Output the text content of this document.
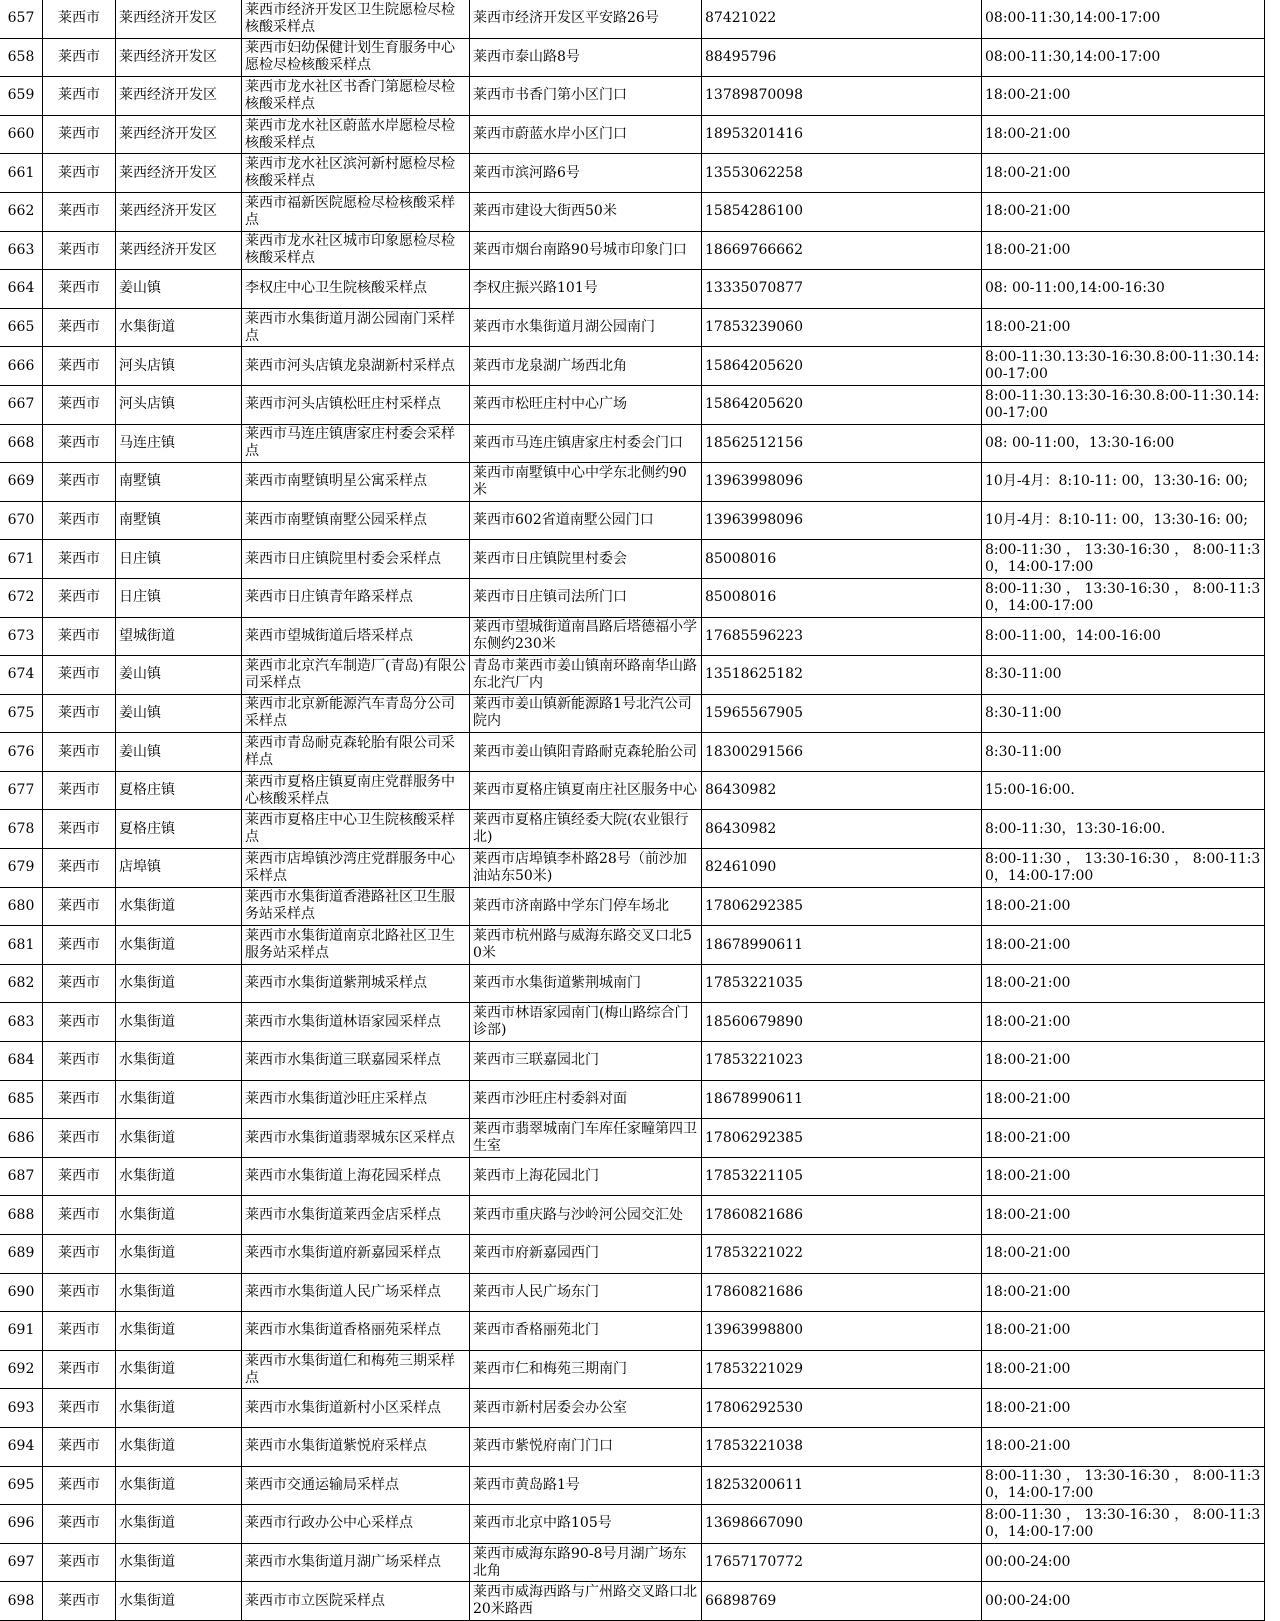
657	莱西市	莱西经济开发区	莱西市经济开发区卫生院愿检尽检核酸采样点	莱西市经济开发区平安路26号	87421022	08:00-11:30,14:00-17:00
658	莱西市	莱西经济开发区	莱西市妇幼保健计划生育服务中心愿检尽检核酸采样点	莱西市泰山路8号	88495796	08:00-11:30,14:00-17:00
659	莱西市	莱西经济开发区	莱西市龙水社区书香门第愿检尽检核酸采样点	莱西市书香门第小区门口	13789870098	18:00-21:00
660	莱西市	莱西经济开发区	莱西市龙水社区蔚蓝水岸愿检尽检核酸采样点	莱西市蔚蓝水岸小区门口	18953201416	18:00-21:00
661	莱西市	莱西经济开发区	莱西市龙水社区滨河新村愿检尽检核酸采样点	莱西市滨河路6号	13553062258	18:00-21:00
662	莱西市	莱西经济开发区	莱西市福新医院愿检尽检核酸采样点	莱西市建设大街西50米	15854286100	18:00-21:00
663	莱西市	莱西经济开发区	莱西市龙水社区城市印象愿检尽检核酸采样点	莱西市烟台南路90号城市印象门口	18669766662	18:00-21:00
664	莱西市	姜山镇	李权庄中心卫生院核酸采样点	李权庄振兴路101号	13335070877	08: 00-11:00,14:00-16:30
665	莱西市	水集街道	莱西市水集街道月湖公园南门采样点	莱西市水集街道月湖公园南门	17853239060	18:00-21:00
666	莱西市	河头店镇	莱西市河头店镇龙泉湖新村采样点	莱西市龙泉湖广场西北角	15864205620	8:00-11:30.13:30-16:30.8:00-11:30.14:00-17:00
667	莱西市	河头店镇	莱西市河头店镇松旺庄村采样点	莱西市松旺庄村中心广场	15864205620	8:00-11:30.13:30-16:30.8:00-11:30.14:00-17:00
668	莱西市	马连庄镇	莱西市马连庄镇唐家庄村委会采样点	莱西市马连庄镇唐家庄村委会门口	18562512156	08: 00-11:00，13:30-16:00
669	莱西市	南墅镇	莱西市南墅镇明星公寓采样点	莱西市南墅镇中心中学东北侧约90米	13963998096	10月-4月：8:10-11: 00，13:30-16: 00;
670	莱西市	南墅镇	莱西市南墅镇南墅公园采样点	莱西市602省道南墅公园门口	13963998096	10月-4月：8:10-11: 00，13:30-16: 00;
671	莱西市	日庄镇	莱西市日庄镇院里村委会采样点	莱西市日庄镇院里村委会	85008016	8:00-11:30 ， 13:30-16:30 ， 8:00-11:30，14:00-17:00
672	莱西市	日庄镇	莱西市日庄镇青年路采样点	莱西市日庄镇司法所门口	85008016	8:00-11:30 ， 13:30-16:30 ， 8:00-11:30，14:00-17:00
673	莱西市	望城街道	莱西市望城街道后塔采样点	莱西市望城街道南昌路后塔德福小学东侧约230米	17685596223	8:00-11:00，14:00-16:00
674	莱西市	姜山镇	莱西市北京汽车制造厂(青岛)有限公司采样点	青岛市莱西市姜山镇南环路南华山路东北汽厂内	13518625182	8:30-11:00
675	莱西市	姜山镇	莱西市北京新能源汽车青岛分公司采样点	莱西市姜山镇新能源路1号北汽公司院内	15965567905	8:30-11:00
676	莱西市	姜山镇	莱西市青岛耐克森轮胎有限公司采样点	莱西市姜山镇阳青路耐克森轮胎公司	18300291566	8:30-11:00
677	莱西市	夏格庄镇	莱西市夏格庄镇夏南庄党群服务中心核酸采样点	莱西市夏格庄镇夏南庄社区服务中心	86430982	15:00-16:00.
678	莱西市	夏格庄镇	莱西市夏格庄中心卫生院核酸采样点	莱西市夏格庄镇经委大院(农业银行北)	86430982	8:00-11:30，13:30-16:00.
679	莱西市	店埠镇	莱西市店埠镇沙湾庄党群服务中心采样点	莱西市店埠镇李朴路28号（前沙加油站东50米)	82461090	8:00-11:30 ， 13:30-16:30 ， 8:00-11:30，14:00-17:00
680	莱西市	水集街道	莱西市水集街道香港路社区卫生服务站采样点	莱西市济南路中学东门停车场北	17806292385	18:00-21:00
681	莱西市	水集街道	莱西市水集街道南京北路社区卫生服务站采样点	莱西市杭州路与威海东路交叉口北50米	18678990611	18:00-21:00
682	莱西市	水集街道	莱西市水集街道紫荆城采样点	莱西市水集街道紫荆城南门	17853221035	18:00-21:00
683	莱西市	水集街道	莱西市水集街道林语家园采样点	莱西市林语家园南门(梅山路综合门诊部)	18560679890	18:00-21:00
684	莱西市	水集街道	莱西市水集街道三联嘉园采样点	莱西市三联嘉园北门	17853221023	18:00-21:00
685	莱西市	水集街道	莱西市水集街道沙旺庄采样点	莱西市沙旺庄村委斜对面	18678990611	18:00-21:00
686	莱西市	水集街道	莱西市水集街道翡翠城东区采样点	莱西市翡翠城南门车库任家疃第四卫生室	17806292385	18:00-21:00
687	莱西市	水集街道	莱西市水集街道上海花园采样点	莱西市上海花园北门	17853221105	18:00-21:00
688	莱西市	水集街道	莱西市水集街道莱西金店采样点	莱西市重庆路与沙岭河公园交汇处	17860821686	18:00-21:00
689	莱西市	水集街道	莱西市水集街道府新嘉园采样点	莱西市府新嘉园西门	17853221022	18:00-21:00
690	莱西市	水集街道	莱西市水集街道人民广场采样点	莱西市人民广场东门	17860821686	18:00-21:00
691	莱西市	水集街道	莱西市水集街道香格丽苑采样点	莱西市香格丽苑北门	13963998800	18:00-21:00
692	莱西市	水集街道	莱西市水集街道仁和梅苑三期采样点	莱西市仁和梅苑三期南门	17853221029	18:00-21:00
693	莱西市	水集街道	莱西市水集街道新村小区采样点	莱西市新村居委会办公室	17806292530	18:00-21:00
694	莱西市	水集街道	莱西市水集街道紫悦府采样点	莱西市紫悦府南门门口	17853221038	18:00-21:00
695	莱西市	水集街道	莱西市交通运输局采样点	莱西市黄岛路1号	18253200611	8:00-11:30 ， 13:30-16:30 ， 8:00-11:30，14:00-17:00
696	莱西市	水集街道	莱西市行政办公中心采样点	莱西市北京中路105号	13698667090	8:00-11:30 ， 13:30-16:30 ， 8:00-11:30，14:00-17:00
697	莱西市	水集街道	莱西市水集街道月湖广场采样点	莱西市威海东路90-8号月湖广场东北角	17657170772	00:00-24:00
698	莱西市	水集街道	莱西市市立医院采样点	莱西市威海西路与广州路交叉路口北20米路西	66898769	00:00-24:00
